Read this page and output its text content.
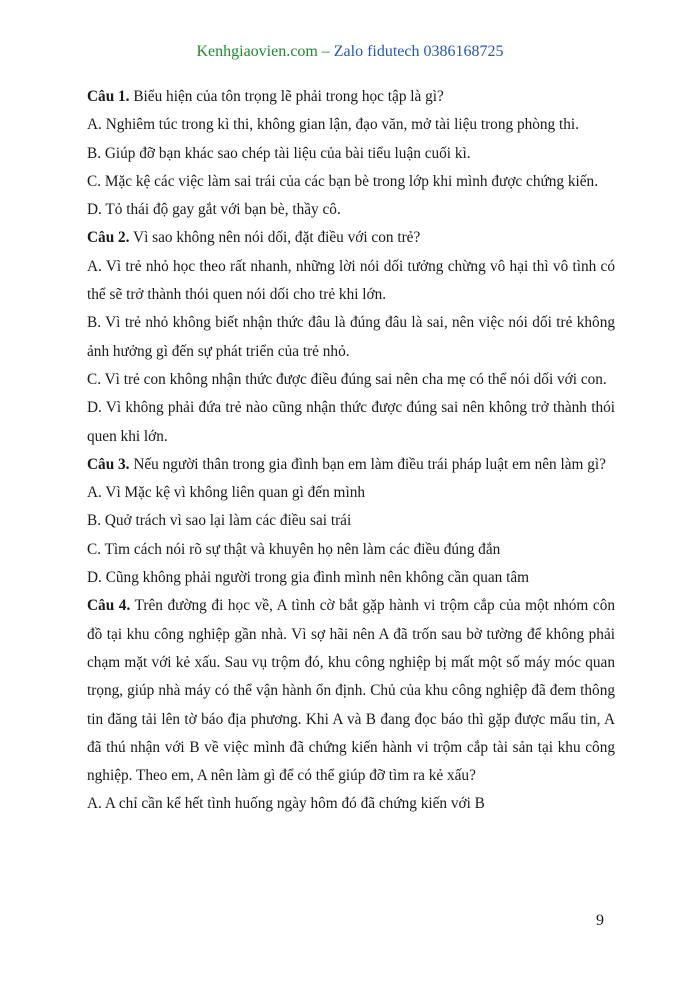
Kenhgiaovien.com – Zalo fidutech 0386168725

Câu 1. Biểu hiện của tôn trọng lẽ phải trong học tập là gì?

A. Nghiêm túc trong kì thi, không gian lận, đạo văn, mở tài liệu trong phòng thi.

B. Giúp đỡ bạn khác sao chép tài liệu của bài tiểu luận cuối kì.

C. Mặc kệ các việc làm sai trái của các bạn bè trong lớp khi mình được chứng kiến.

D. Tỏ thái độ gay gắt với bạn bè, thầy cô.

Câu 2. Vì sao không nên nói dối, đặt điều với con trẻ?

A. Vì trẻ nhỏ học theo rất nhanh, những lời nói dối tưởng chừng vô hại thì vô tình có thể sẽ trở thành thói quen nói dối cho trẻ khi lớn.

B. Vì trẻ nhỏ không biết nhận thức đâu là đúng đâu là sai, nên việc nói dối trẻ không ảnh hưởng gì đến sự phát triển của trẻ nhỏ.

C. Vì trẻ con không nhận thức được điều đúng sai nên cha mẹ có thể nói dối với con.

D. Vì không phải đứa trẻ nào cũng nhận thức được đúng sai nên không trở thành thói quen khi lớn.

Câu 3. Nếu người thân trong gia đình bạn em làm điều trái pháp luật em nên làm gì?

A. Vì Mặc kệ vì không liên quan gì đến mình

B. Quở trách vì sao lại làm các điều sai trái

C. Tìm cách nói rõ sự thật và khuyên họ nên làm các điều đúng đắn

D. Cũng không phải người trong gia đình mình nên không cần quan tâm

Câu 4. Trên đường đi học về, A tình cờ bắt gặp hành vi trộm cắp của một nhóm côn đồ tại khu công nghiệp gần nhà. Vì sợ hãi nên A đã trốn sau bờ tường để không phải chạm mặt với kẻ xấu. Sau vụ trộm đó, khu công nghiệp bị mất một số máy móc quan trọng, giúp nhà máy có thể vận hành ổn định. Chủ của khu công nghiệp đã đem thông tin đăng tải lên tờ báo địa phương. Khi A và B đang đọc báo thì gặp được mẩu tin, A đã thú nhận với B về việc mình đã chứng kiến hành vi trộm cắp tài sản tại khu công nghiệp. Theo em, A nên làm gì để có thể giúp đỡ tìm ra kẻ xấu?

A. A chỉ cần kể hết tình huống ngày hôm đó đã chứng kiến với B

9
